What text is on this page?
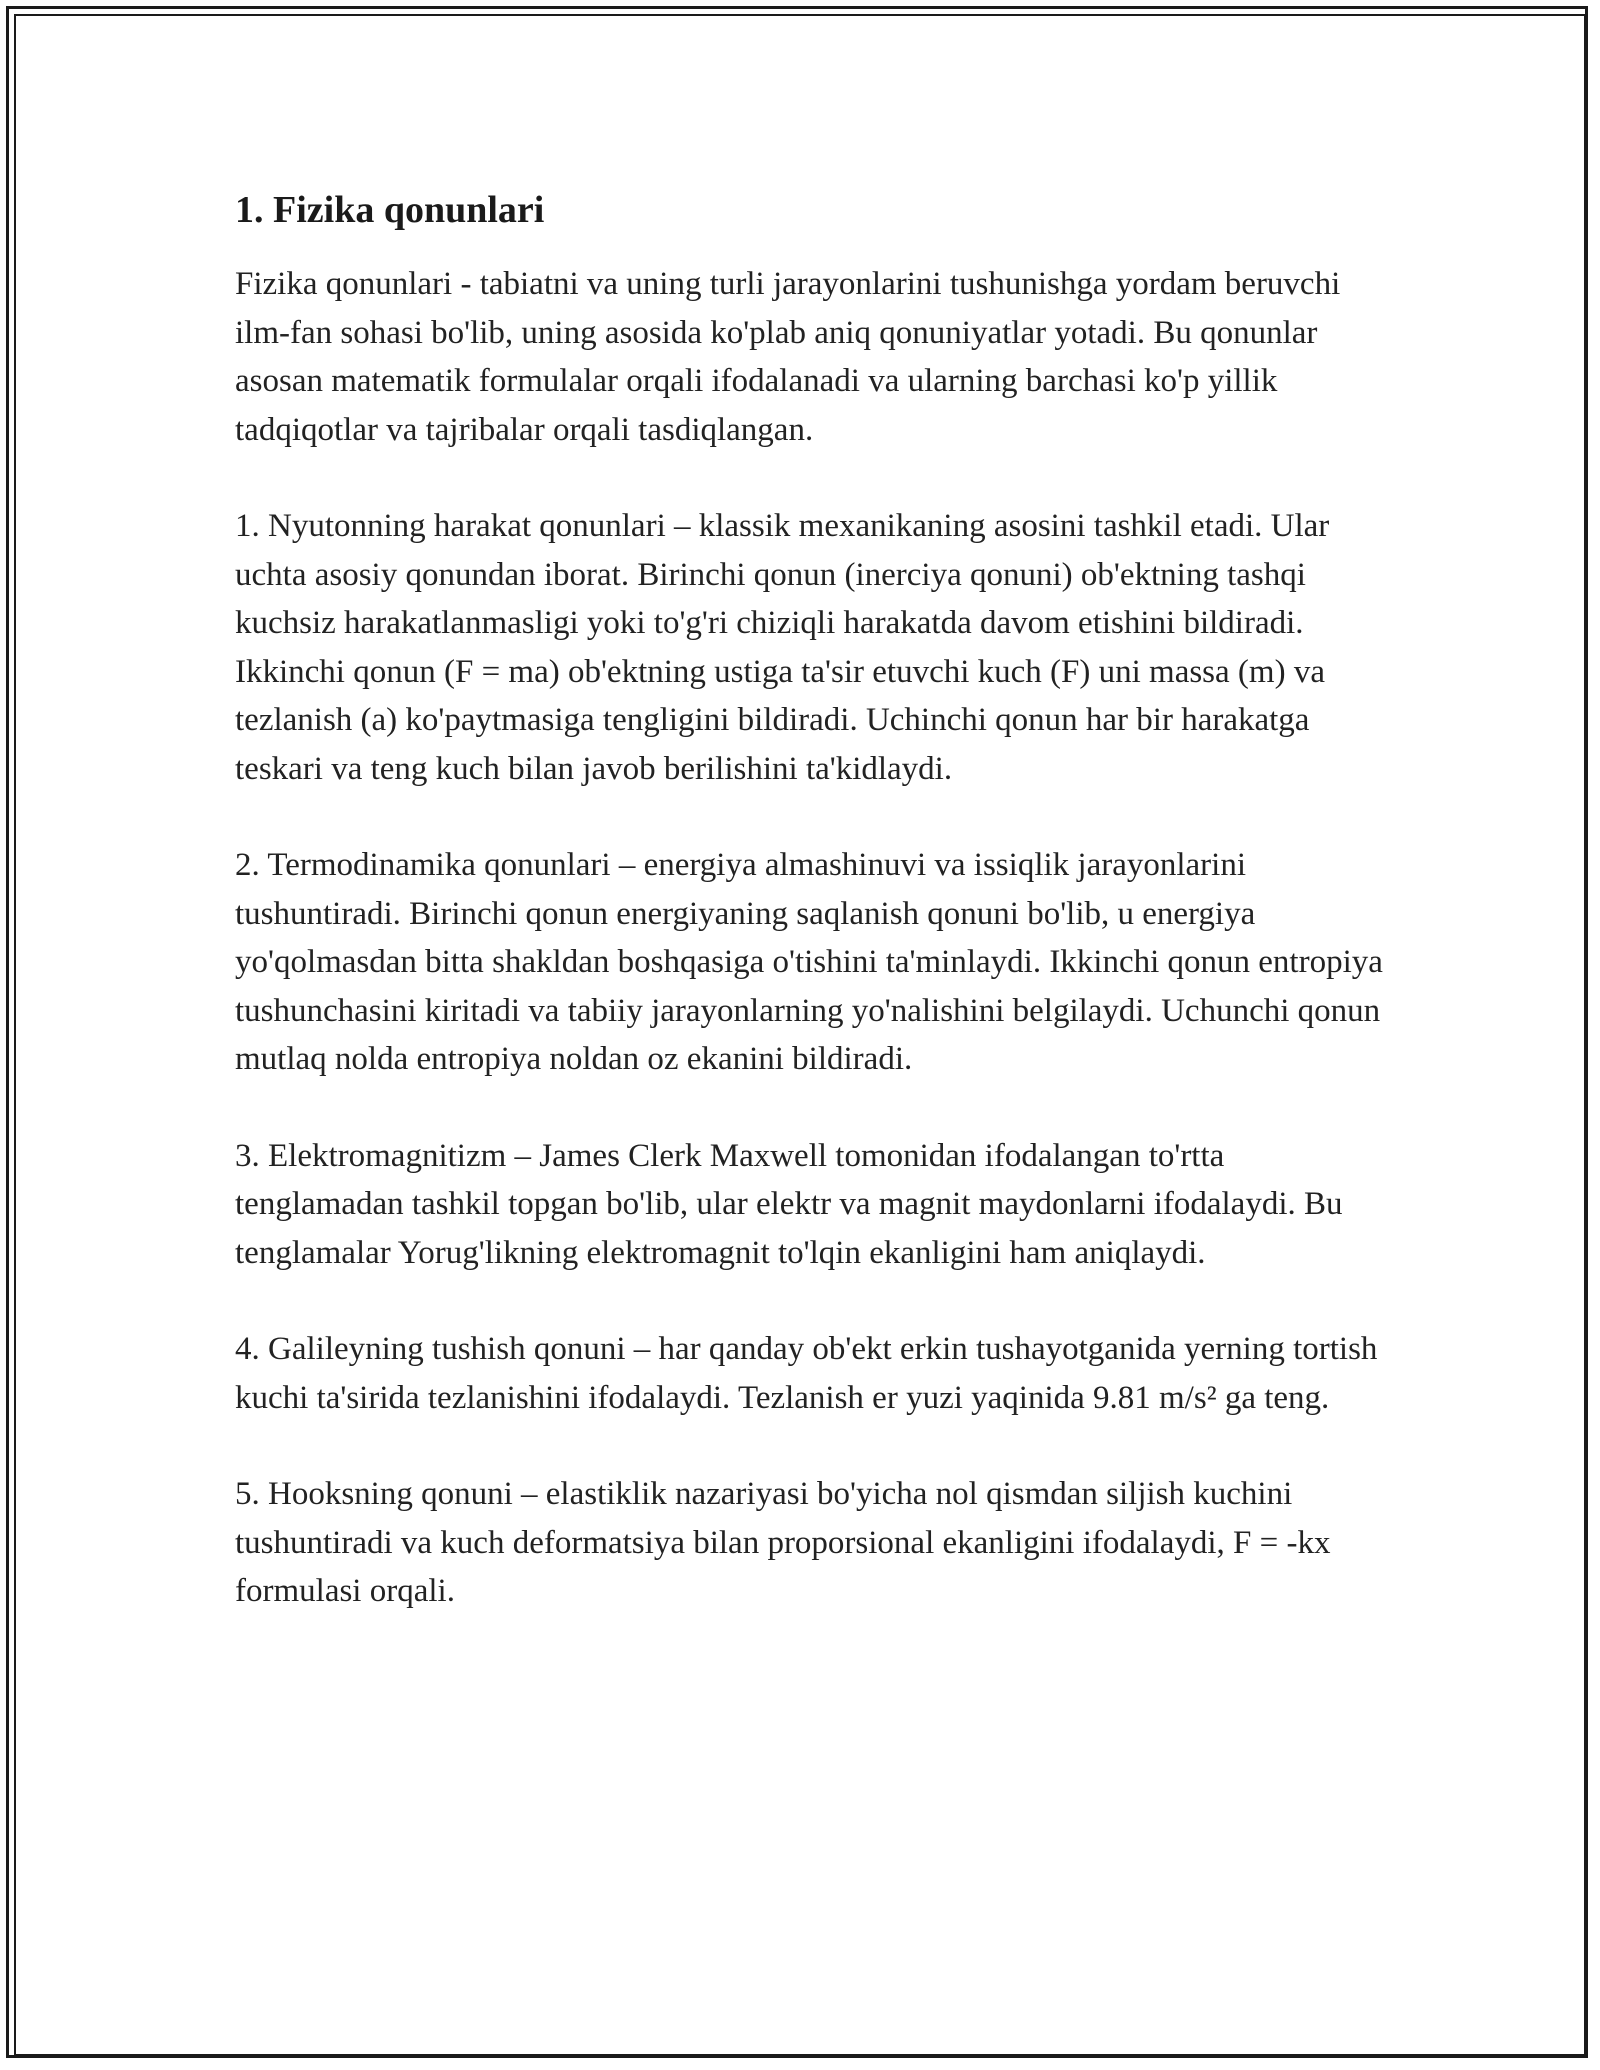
1. Fizika qonunlari

Fizika qonunlari - tabiatni va uning turli jarayonlarini tushunishga yordam beruvchi ilm-fan sohasi bo'lib, uning asosida ko'plab aniq qonuniyatlar yotadi. Bu qonunlar asosan matematik formulalar orqali ifodalanadi va ularning barchasi ko'p yillik tadqiqotlar va tajribalar orqali tasdiqlangan.

1. Nyutonning harakat qonunlari – klassik mexanikaning asosini tashkil etadi. Ular uchta asosiy qonundan iborat. Birinchi qonun (inerciya qonuni) ob'ektning tashqi kuchsiz harakatlanmasligi yoki to'g'ri chiziqli harakatda davom etishini bildiradi. Ikkinchi qonun (F = ma) ob'ektning ustiga ta'sir etuvchi kuch (F) uni massa (m) va tezlanish (a) ko'paytmasiga tengligini bildiradi. Uchinchi qonun har bir harakatga teskari va teng kuch bilan javob berilishini ta'kidlaydi.

2. Termodinamika qonunlari – energiya almashinuvi va issiqlik jarayonlarini tushuntiradi. Birinchi qonun energiyaning saqlanish qonuni bo'lib, u energiya yo'qolmasdan bitta shakldan boshqasiga o'tishini ta'minlaydi. Ikkinchi qonun entropiya tushunchasini kiritadi va tabiiy jarayonlarning yo'nalishini belgilaydi. Uchunchi qonun mutlaq nolda entropiya noldan oz ekanini bildiradi.

3. Elektromagnitizm – James Clerk Maxwell tomonidan ifodalangan to'rtta tenglamadan tashkil topgan bo'lib, ular elektr va magnit maydonlarni ifodalaydi. Bu tenglamalar Yorug'likning elektromagnit to'lqin ekanligini ham aniqlaydi.

4. Galileyning tushish qonuni – har qanday ob'ekt erkin tushayotganida yerning tortish kuchi ta'sirida tezlanishini ifodalaydi. Tezlanish er yuzi yaqinida 9.81 m/s² ga teng.

5. Hooksning qonuni – elastiklik nazariyasi bo'yicha nol qismdan siljish kuchini tushuntiradi va kuch deformatsiya bilan proporsional ekanligini ifodalaydi, F = -kx formulasi orqali.
